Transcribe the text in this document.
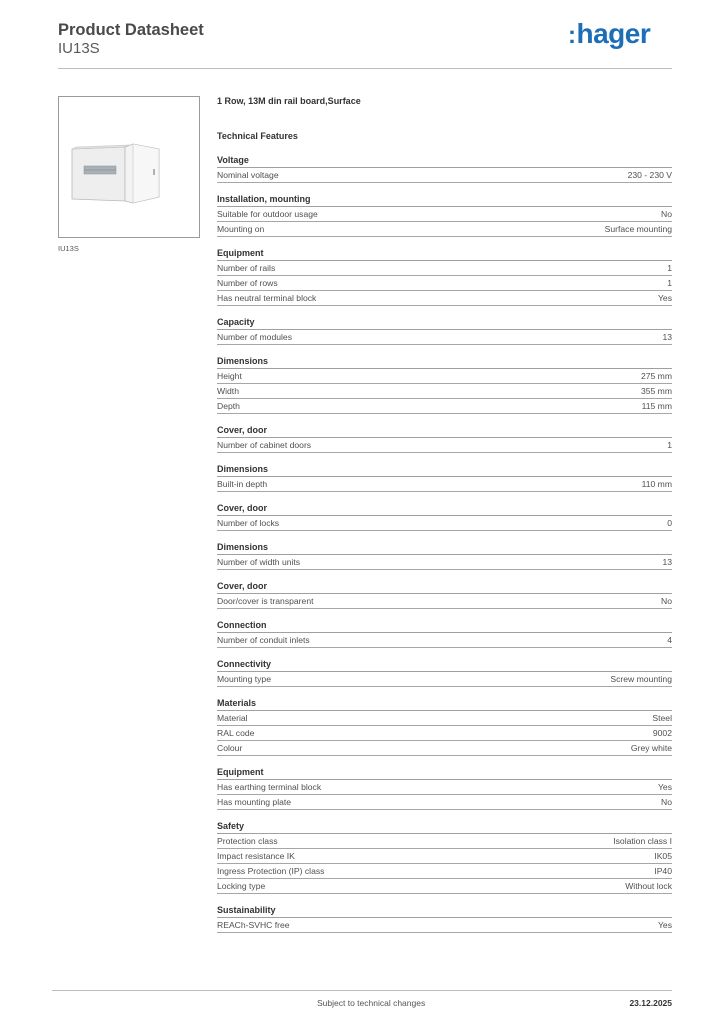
Product Datasheet
IU13S	:hager
IU13S
1 Row, 13M din rail board,Surface
Technical Features
Voltage
Nominal voltage	230 - 230 V
Installation, mounting
Suitable for outdoor usage	No
Mounting on	Surface mounting
Equipment
Number of rails	1
Number of rows	1
Has neutral terminal block	Yes
Capacity
Number of modules	13
Dimensions
Height	275 mm
Width	355 mm
Depth	115 mm
Cover, door
Number of cabinet doors	1
Dimensions
Built-in depth	110 mm
Cover, door
Number of locks	0
Dimensions
Number of width units	13
Cover, door
Door/cover is transparent	No
Connection
Number of conduit inlets	4
Connectivity
Mounting type	Screw mounting
Materials
Material	Steel
RAL code	9002
Colour	Grey white
Equipment
Has earthing terminal block	Yes
Has mounting plate	No
Safety
Protection class	Isolation class I
Impact resistance IK	IK05
Ingress Protection (IP) class	IP40
Locking type	Without lock
Sustainability
REACh-SVHC free	Yes
Subject to technical changes	23.12.2025
